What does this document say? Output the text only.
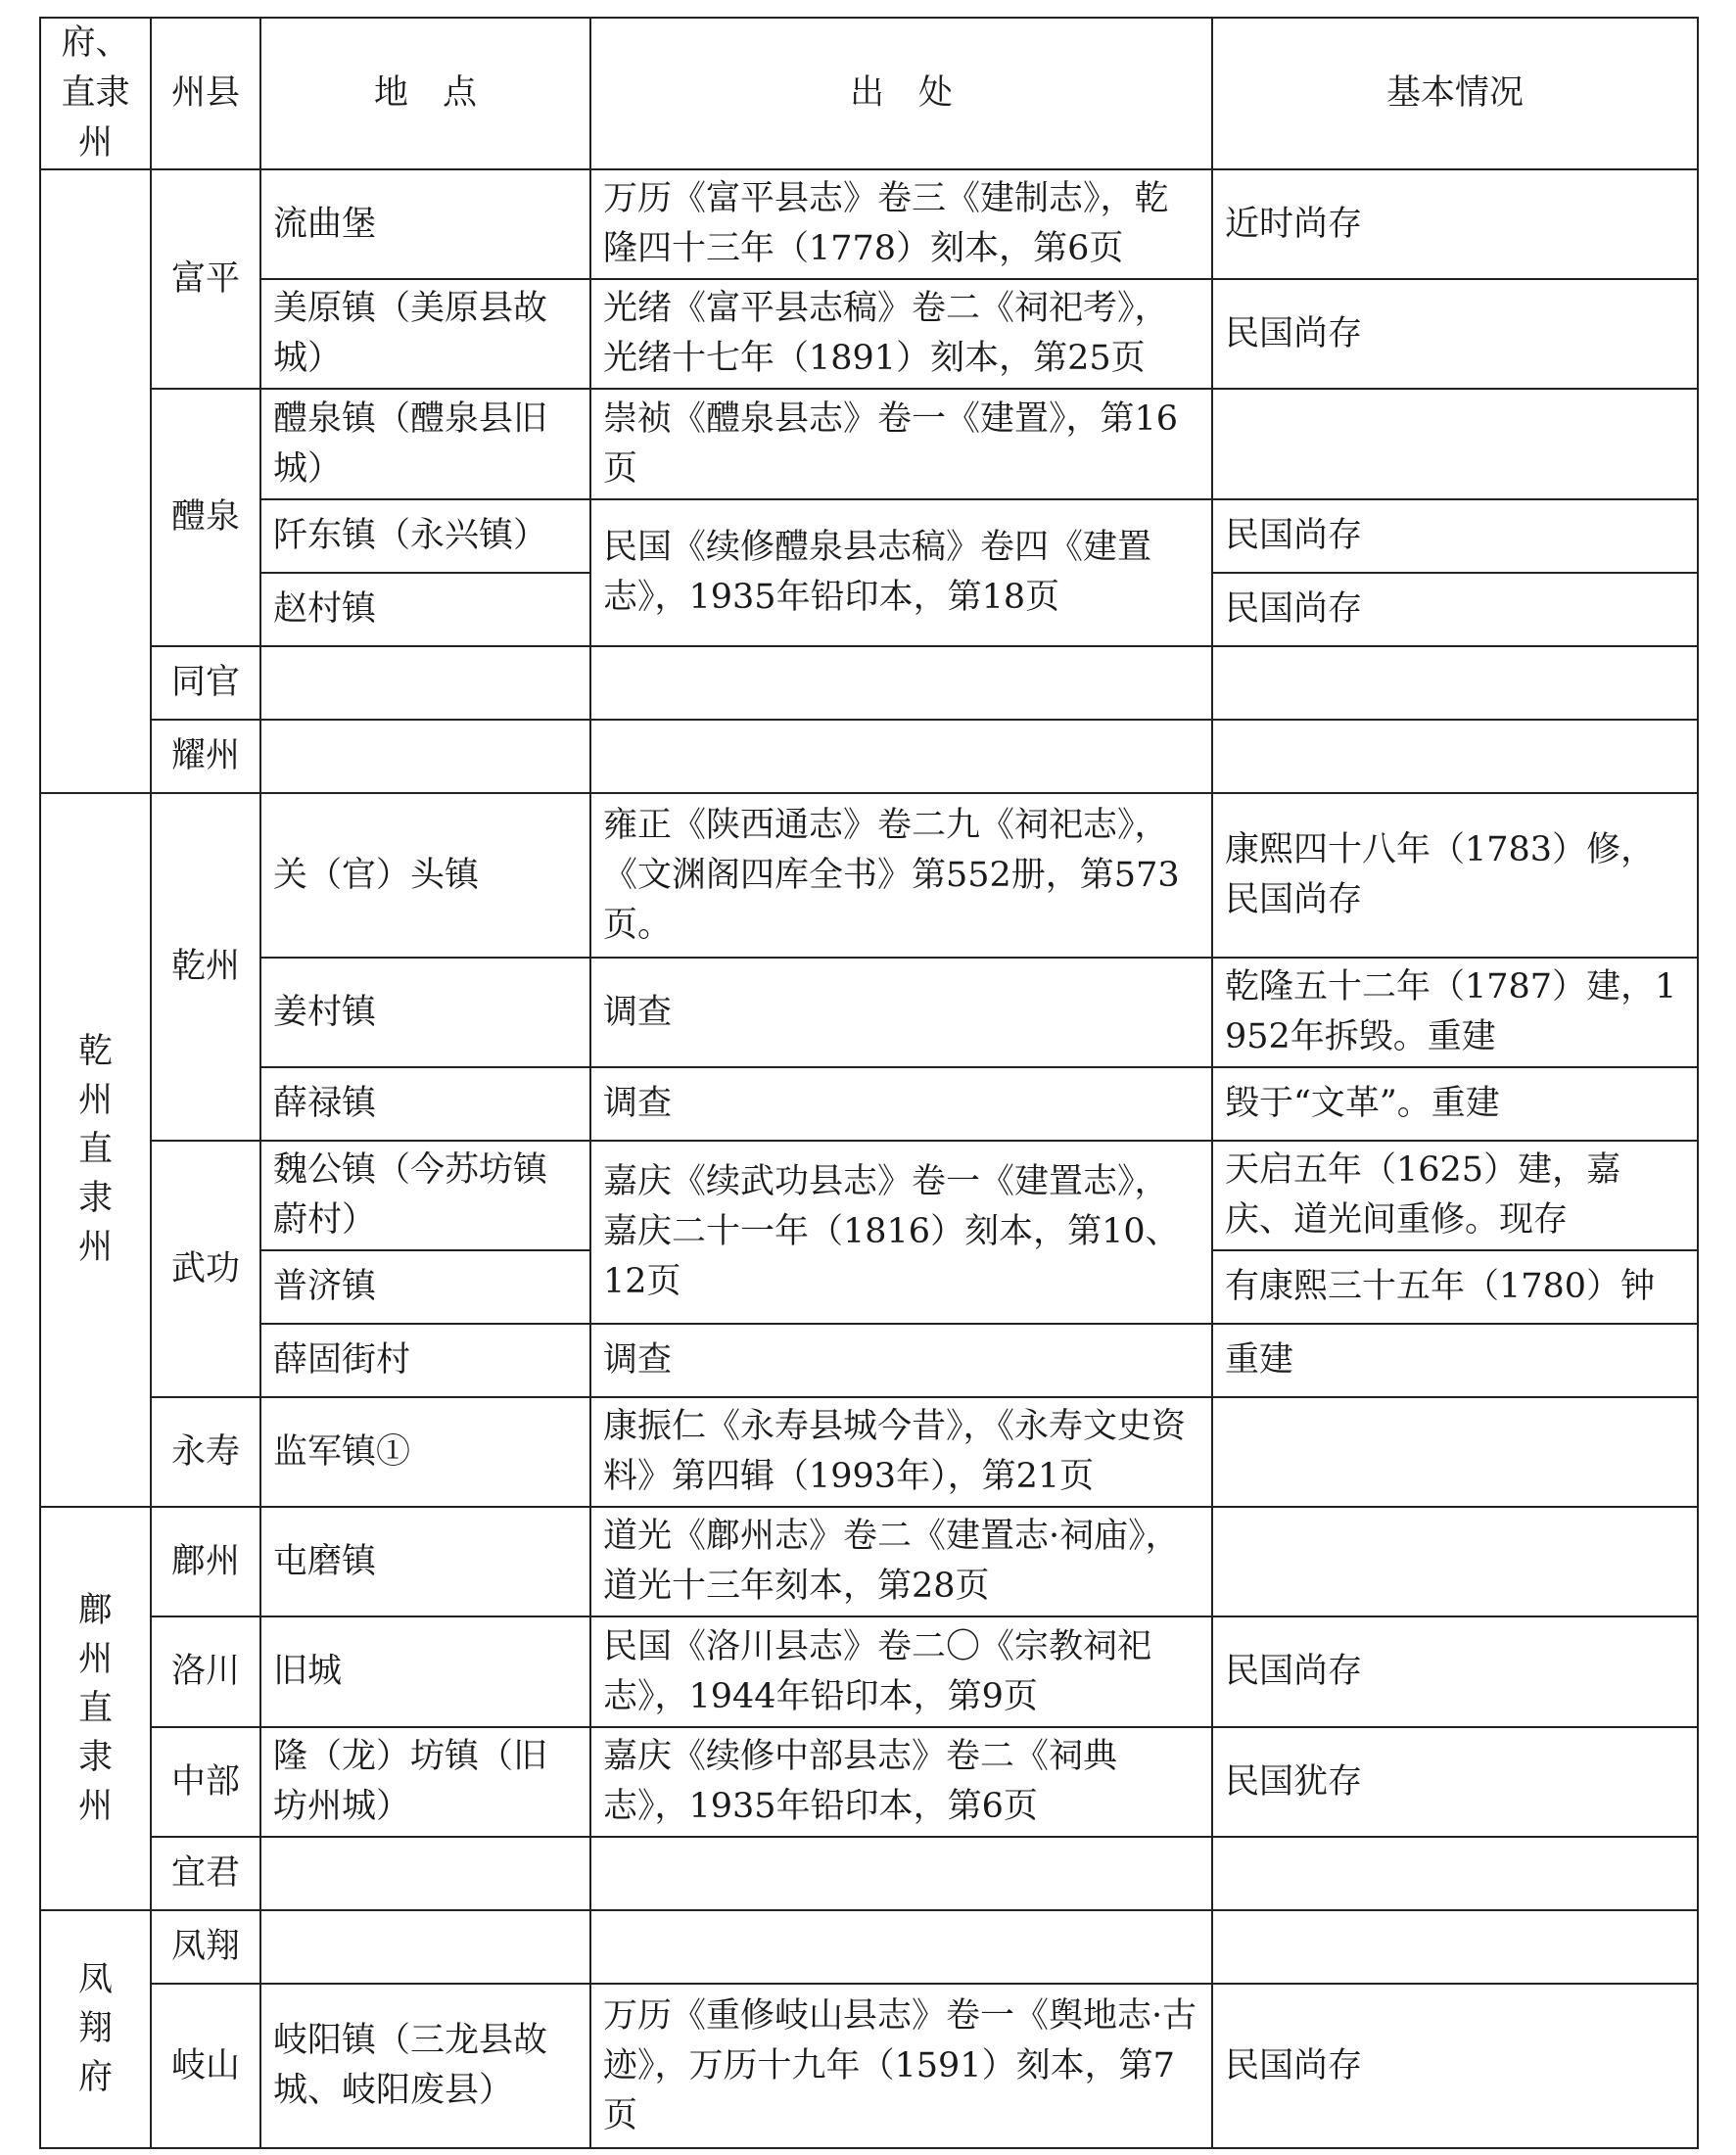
府、直隶州	州县	地　点	出　处	基本情况
	富平	流曲堡	万历《富平县志》卷三《建制志》，乾隆四十三年（1778）刻本，第6页	近时尚存
		美原镇（美原县故城）	光绪《富平县志稿》卷二《祠祀考》，光绪十七年（1891）刻本，第25页	民国尚存
	醴泉	醴泉镇（醴泉县旧城）	崇祯《醴泉县志》卷一《建置》，第16页	
		阡东镇（永兴镇）	民国《续修醴泉县志稿》卷四《建置志》，1935年铅印本，第18页	民国尚存
		赵村镇		民国尚存
	同官			
	耀州			
乾州直隶州	乾州	关（官）头镇	雍正《陕西通志》卷二九《祠祀志》，《文渊阁四库全书》第552册，第573页。	康熙四十八年（1783）修，民国尚存
		姜村镇	调查	乾隆五十二年（1787）建，1952年拆毁。重建
		薛禄镇	调查	毁于“文革”。重建
	武功	魏公镇（今苏坊镇蔚村）	嘉庆《续武功县志》卷一《建置志》，嘉庆二十一年（1816）刻本，第10、12页	天启五年（1625）建，嘉庆、道光间重修。现存
		普济镇		有康熙三十五年（1780）钟
		薛固街村	调查	重建
	永寿	监军镇①	康振仁《永寿县城今昔》，《永寿文史资料》第四辑（1993年），第21页	
鄜州直隶州	鄜州	屯磨镇	道光《鄜州志》卷二《建置志·祠庙》，道光十三年刻本，第28页	
	洛川	旧城	民国《洛川县志》卷二〇《宗教祠祀志》，1944年铅印本，第9页	民国尚存
	中部	隆（龙）坊镇（旧坊州城）	嘉庆《续修中部县志》卷二《祠典志》，1935年铅印本，第6页	民国犹存
	宜君			
凤翔府	凤翔			
	岐山	岐阳镇（三龙县故城、岐阳废县）	万历《重修岐山县志》卷一《舆地志·古迹》，万历十九年（1591）刻本，第7页	民国尚存
